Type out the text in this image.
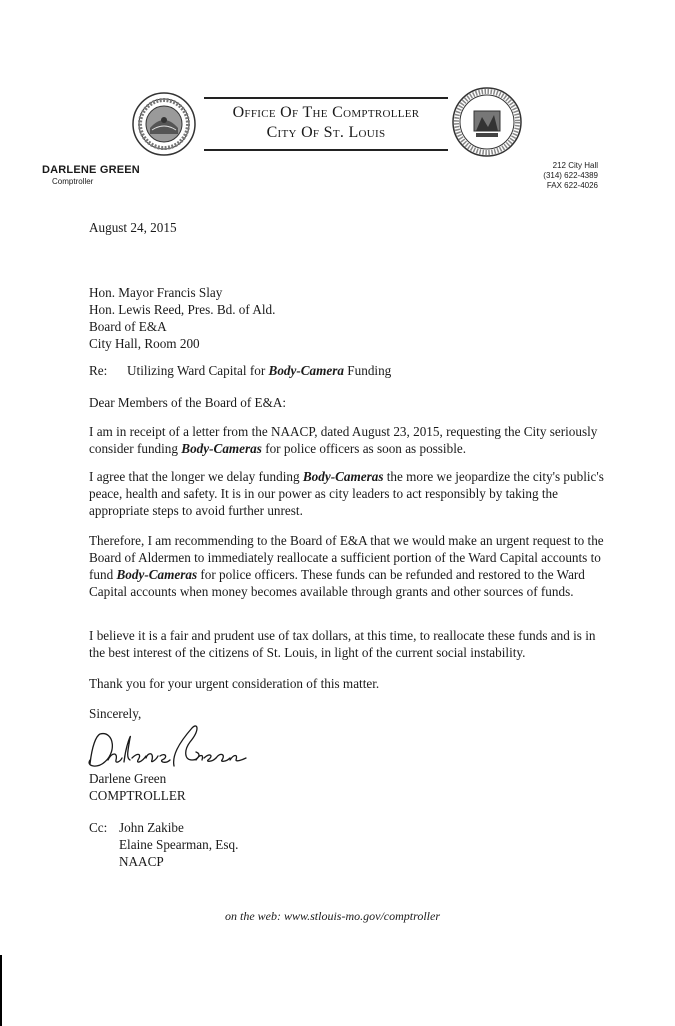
Office Of The Comptroller
City Of St. Louis
DARLENE GREEN
Comptroller
212 City Hall
(314) 622-4389
FAX 622-4026
August 24, 2015
Hon. Mayor Francis Slay
Hon. Lewis Reed, Pres. Bd. of Ald.
Board of E&A
City Hall, Room 200
Re: Utilizing Ward Capital for Body-Camera Funding
Dear Members of the Board of E&A:
I am in receipt of a letter from the NAACP, dated August 23, 2015, requesting the City seriously consider funding Body-Cameras for police officers as soon as possible.
I agree that the longer we delay funding Body-Cameras the more we jeopardize the city's public's peace, health and safety. It is in our power as city leaders to act responsibly by taking the appropriate steps to avoid further unrest.
Therefore, I am recommending to the Board of E&A that we would make an urgent request to the Board of Aldermen to immediately reallocate a sufficient portion of the Ward Capital accounts to fund Body-Cameras for police officers. These funds can be refunded and restored to the Ward Capital accounts when money becomes available through grants and other sources of funds.
I believe it is a fair and prudent use of tax dollars, at this time, to reallocate these funds and is in the best interest of the citizens of St. Louis, in light of the current social instability.
Thank you for your urgent consideration of this matter.
Sincerely,
Darlene Green
COMPTROLLER
Cc: John Zakibe
Elaine Spearman, Esq.
NAACP
on the web: www.stlouis-mo.gov/comptroller
